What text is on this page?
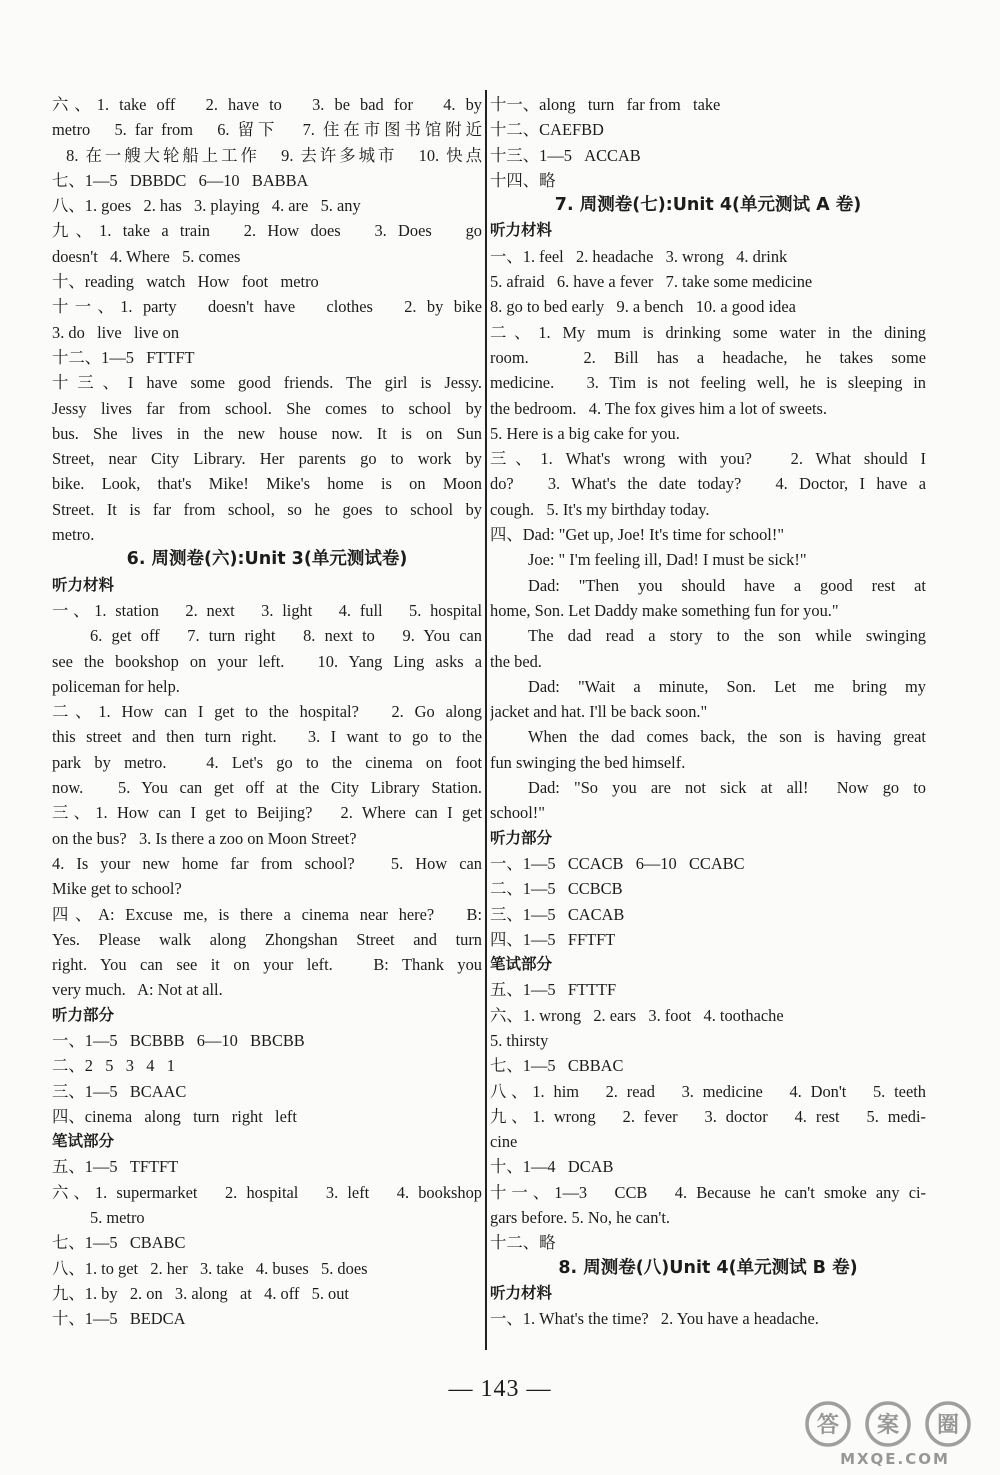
六、1. take off   2. have to   3. be bad for   4. by
metro   5. far from   6. 留下   7. 住在市图书馆附近
8. 在一艘大轮船上工作   9. 去许多城市   10. 快点
七、1—5   DBBDC   6—10   BABBA
八、1. goes   2. has   3. playing   4. are   5. any
九、1. take a train   2. How does   3. Does   go
doesn't   4. Where   5. comes
十、reading   watch   How   foot   metro
十一、1. party   doesn't have   clothes   2. by bike
3. do   live   live on
十二、1—5   FTTFT
十三、I have some good friends. The girl is Jessy.
Jessy lives far from school. She comes to school by
bus. She lives in the new house now. It is on Sun
Street, near City Library. Her parents go to work by
bike. Look, that's Mike! Mike's home is on Moon
Street. It is far from school, so he goes to school by
metro.
6. 周测卷(六):Unit 3(单元测试卷)
听力材料
一、1. station   2. next   3. light   4. full   5. hospital
6. get off   7. turn right   8. next to   9. You can
see the bookshop on your left.   10. Yang Ling asks a
policeman for help.
二、1. How can I get to the hospital?   2. Go along
this street and then turn right.   3. I want to go to the
park by metro.   4. Let's go to the cinema on foot
now.   5. You can get off at the City Library Station.
三、1. How can I get to Beijing?   2. Where can I get
on the bus?   3. Is there a zoo on Moon Street?
4. Is your new home far from school?   5. How can
Mike get to school?
四、A: Excuse me, is there a cinema near here?   B:
Yes. Please walk along Zhongshan Street and turn
right. You can see it on your left.   B: Thank you
very much.   A: Not at all.
听力部分
一、1—5   BCBBB   6—10   BBCBB
二、2   5   3   4   1
三、1—5   BCAAC
四、cinema   along   turn   right   left
笔试部分
五、1—5   TFTFT
六、1. supermarket   2. hospital   3. left   4. bookshop
5. metro
七、1—5   CBABC
八、1. to get   2. her   3. take   4. buses   5. does
九、1. by   2. on   3. along   at   4. off   5. out
十、1—5   BEDCA
十一、along   turn   far from   take
十二、CAEFBD
十三、1—5   ACCAB
十四、略
7. 周测卷(七):Unit 4(单元测试 A 卷)
听力材料
一、1. feel   2. headache   3. wrong   4. drink
5. afraid   6. have a fever   7. take some medicine
8. go to bed early   9. a bench   10. a good idea
二、1. My mum is drinking some water in the dining
room.   2. Bill has a headache, he takes some
medicine.   3. Tim is not feeling well, he is sleeping in
the bedroom.   4. The fox gives him a lot of sweets.
5. Here is a big cake for you.
三、1. What's wrong with you?   2. What should I
do?   3. What's the date today?   4. Doctor, I have a
cough.   5. It's my birthday today.
四、Dad: "Get up, Joe! It's time for school!"
Joe: " I'm feeling ill, Dad! I must be sick!"
Dad: "Then you should have a good rest at
home, Son. Let Daddy make something fun for you."
The dad read a story to the son while swinging
the bed.
Dad: "Wait a minute, Son. Let me bring my
jacket and hat. I'll be back soon."
When the dad comes back, the son is having great
fun swinging the bed himself.
Dad: "So you are not sick at all!  Now go to
school!"
听力部分
一、1—5   CCACB   6—10   CCABC
二、1—5   CCBCB
三、1—5   CACAB
四、1—5   FFTFT
笔试部分
五、1—5   FTTTF
六、1. wrong   2. ears   3. foot   4. toothache
5. thirsty
七、1—5   CBBAC
八、1. him   2. read   3. medicine   4. Don't   5. teeth
九、1. wrong   2. fever   3. doctor   4. rest   5. medi-
cine
十、1—4   DCAB
十一、1—3   CCB   4. Because he can't smoke any ci-
gars before. 5. No, he can't.
十二、略
8. 周测卷(八)Unit 4(单元测试 B 卷)
听力材料
一、1. What's the time?   2. You have a headache.
— 143 —
答 案 圈
MXQE.COM
